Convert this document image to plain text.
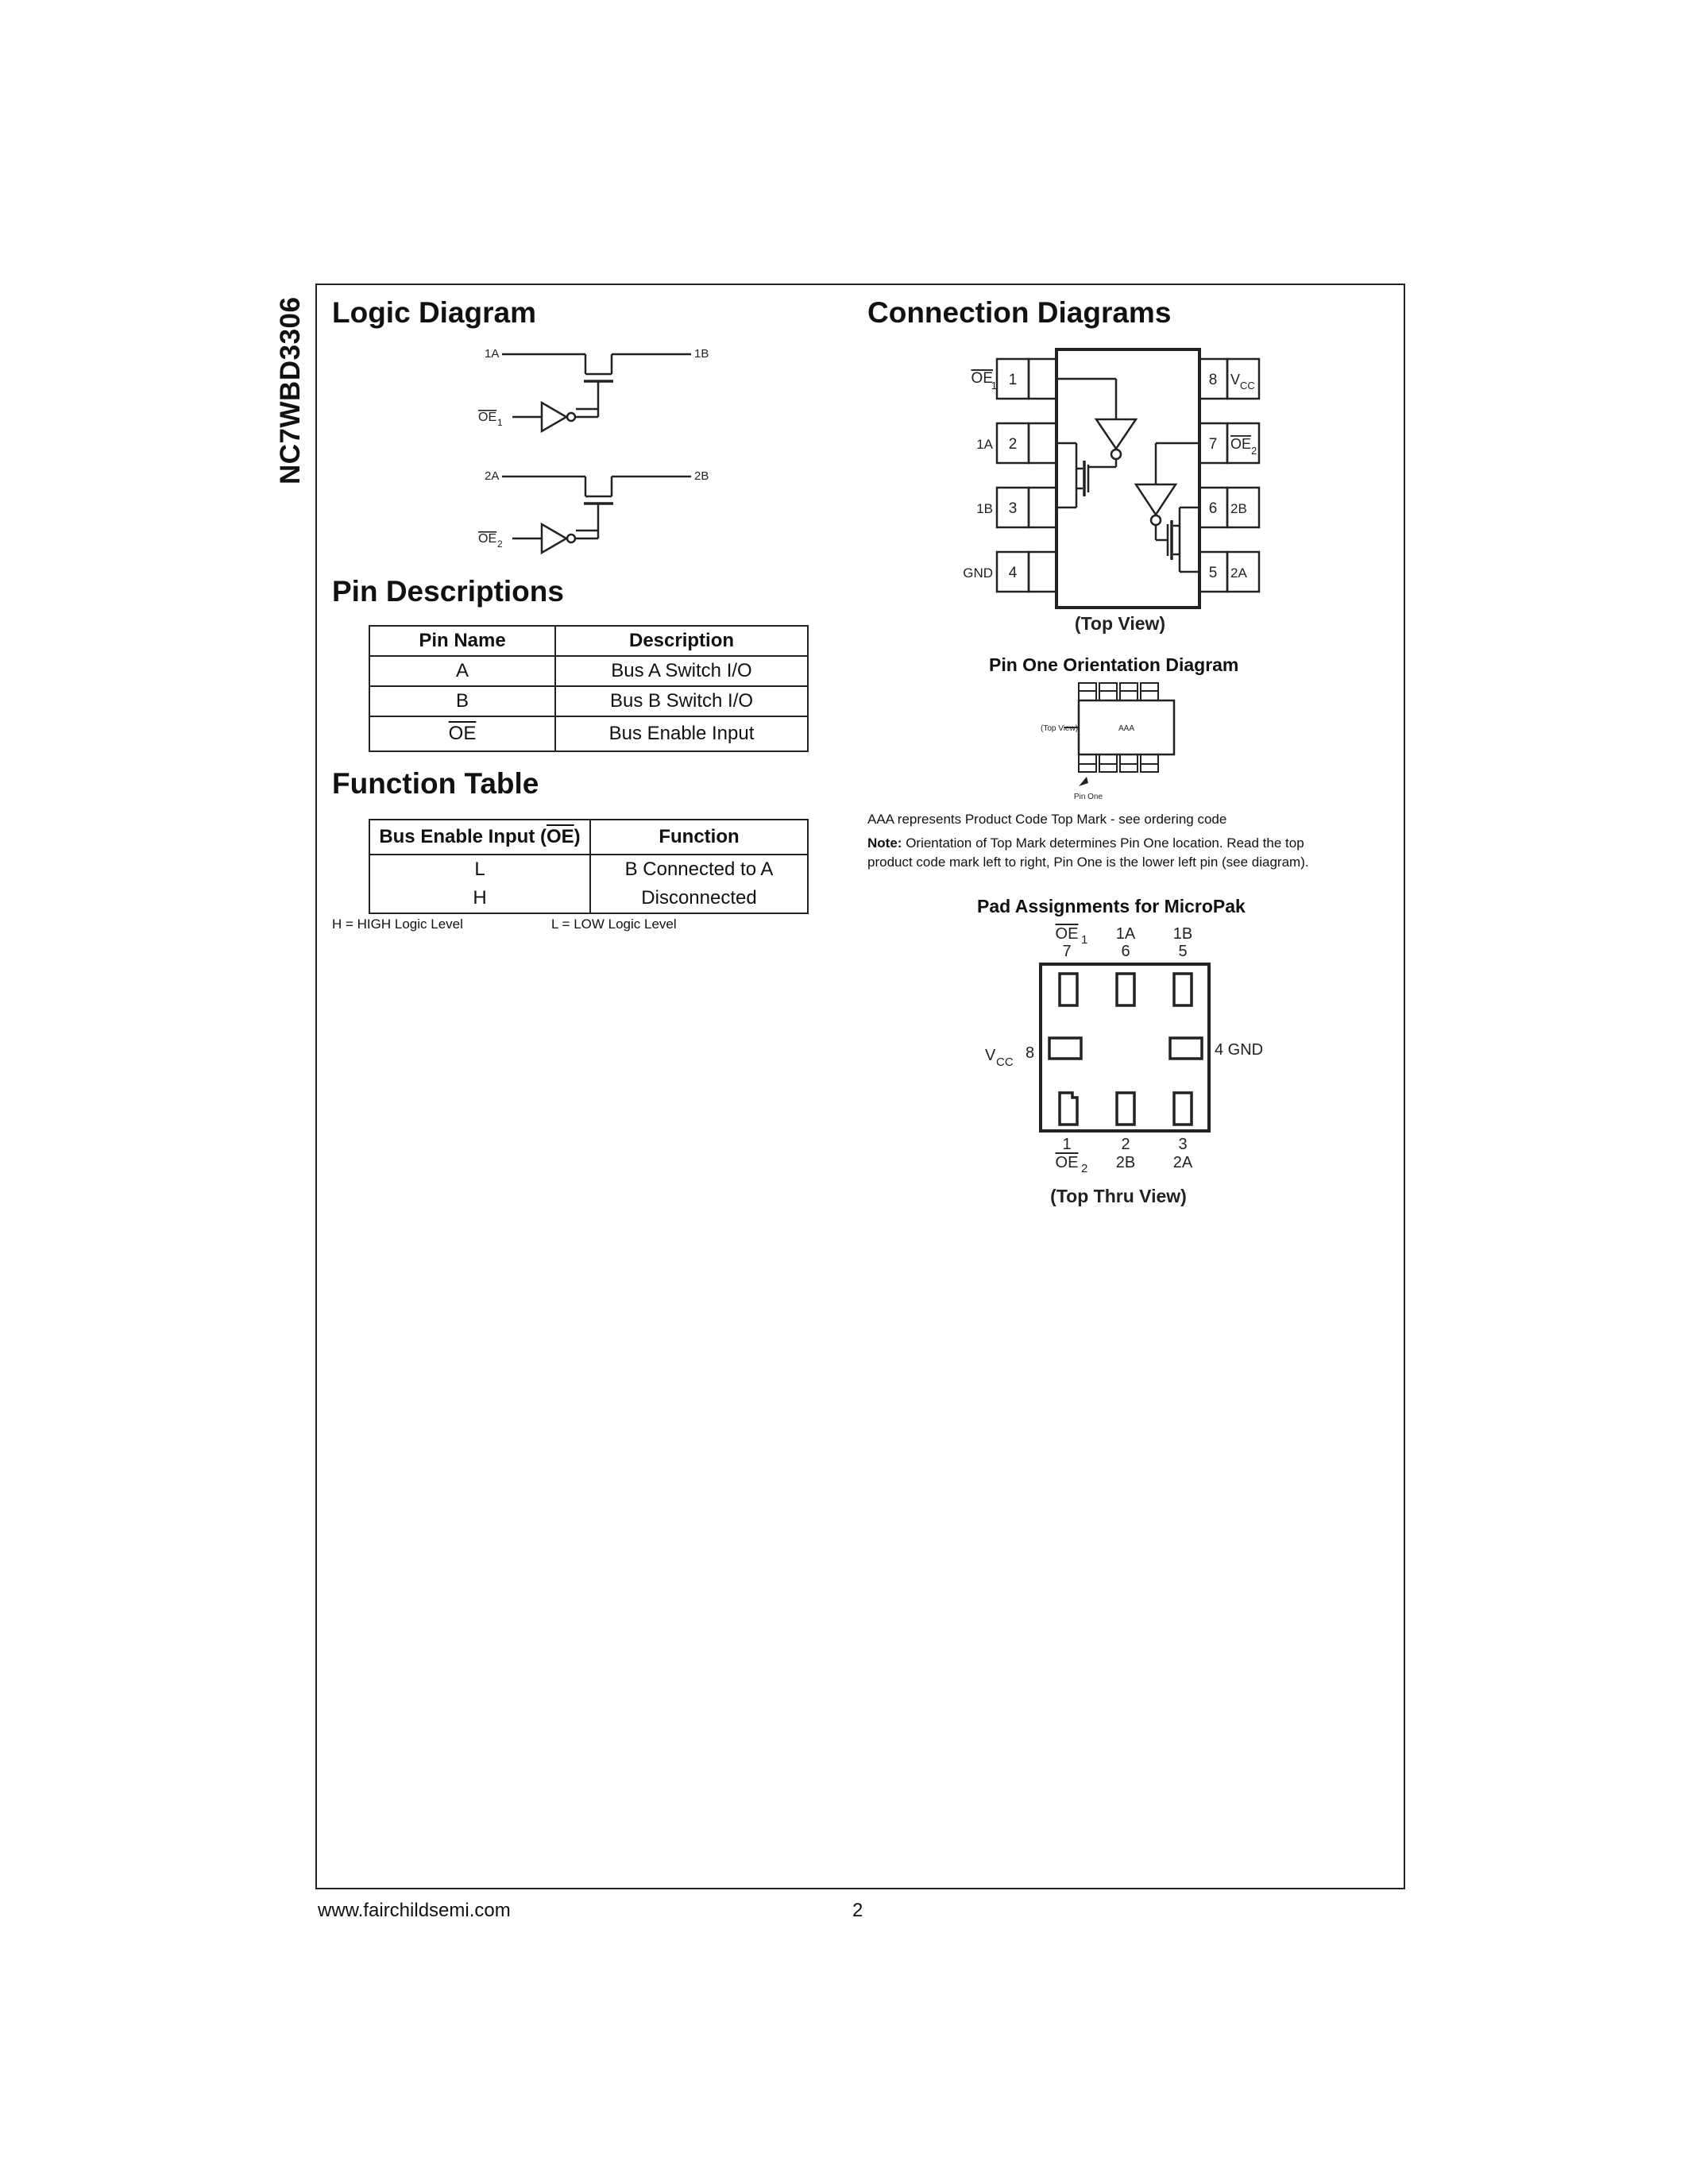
NC7WBD3306 Logic Diagram
1A	1B
OE 1
2A	2B
OE 2
Pin Descriptions
Pin Name	Description
A	Bus A Switch I/O
B	Bus B Switch I/O
$\overline{OE}$	Bus Enable Input
Function Table
Bus Enable Input $(\overline{OE})$	Function
L	B Connected to A
H	Disconnected
H = HIGH Logic Level	L = LOW Logic Level
Connection Diagrams
OE
1 1
1A 2
1B 3
GND 4
8 V CC
7 OE 2
6 2B
5 2A
(Top View)
Pin One Orientation Diagram
(Top View)	AAA
Pin One
AAA represents Product Code Top Mark - see ordering code
Note: Orientation of Top Mark determines Pin One location. Read the top
product code mark left to right, Pin One is the lower left pin (see diagram).
Pad Assignments for MicroPak
OE 1
7
1A
6
1B
5
V CC
8	4 GND
1
OE 2
2
2B
3
2A
(Top Thru View)
www.fairchildsemi.com	2
